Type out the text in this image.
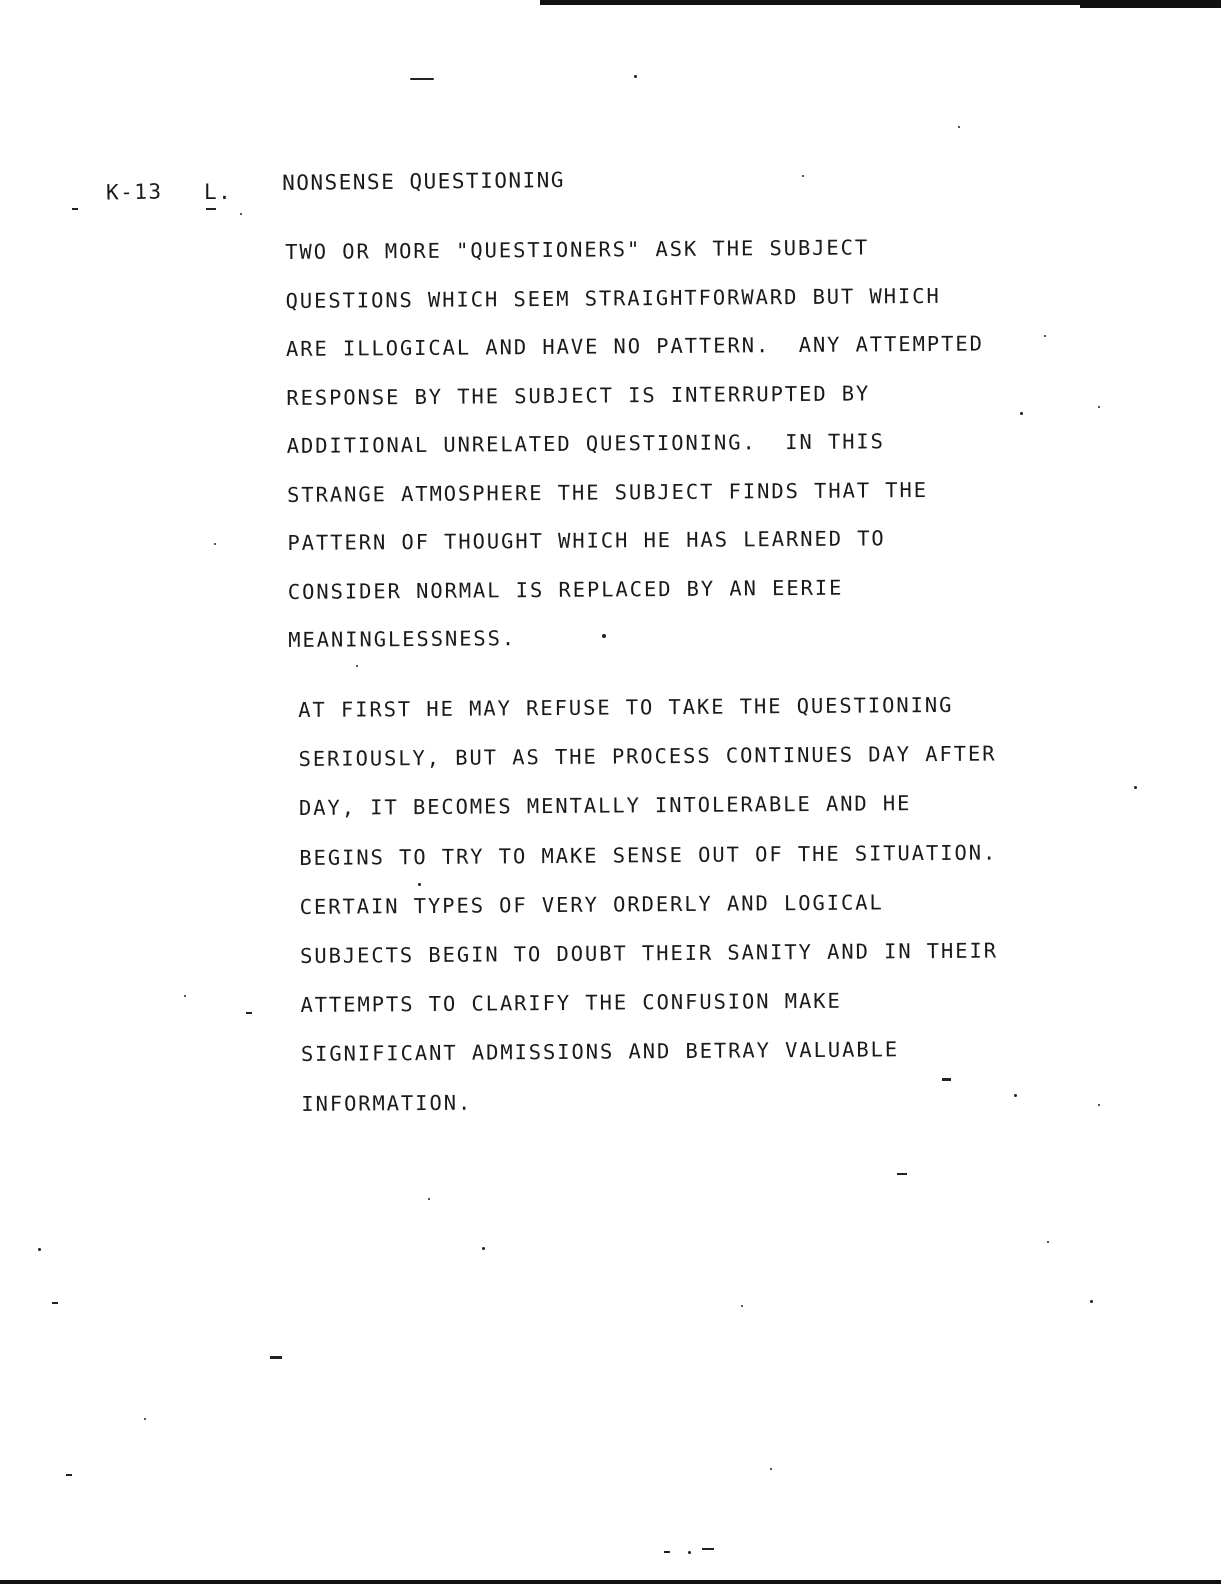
K-13 L. NONSENSE QUESTIONING
TWO OR MORE "QUESTIONERS" ASK THE SUBJECT
QUESTIONS WHICH SEEM STRAIGHTFORWARD BUT WHICH
ARE ILLOGICAL AND HAVE NO PATTERN.  ANY ATTEMPTED
RESPONSE BY THE SUBJECT IS INTERRUPTED BY
ADDITIONAL UNRELATED QUESTIONING.  IN THIS
STRANGE ATMOSPHERE THE SUBJECT FINDS THAT THE
PATTERN OF THOUGHT WHICH HE HAS LEARNED TO
CONSIDER NORMAL IS REPLACED BY AN EERIE
MEANINGLESSNESS.
AT FIRST HE MAY REFUSE TO TAKE THE QUESTIONING
SERIOUSLY, BUT AS THE PROCESS CONTINUES DAY AFTER
DAY, IT BECOMES MENTALLY INTOLERABLE AND HE
BEGINS TO TRY TO MAKE SENSE OUT OF THE SITUATION.
CERTAIN TYPES OF VERY ORDERLY AND LOGICAL
SUBJECTS BEGIN TO DOUBT THEIR SANITY AND IN THEIR
ATTEMPTS TO CLARIFY THE CONFUSION MAKE
SIGNIFICANT ADMISSIONS AND BETRAY VALUABLE
INFORMATION.
